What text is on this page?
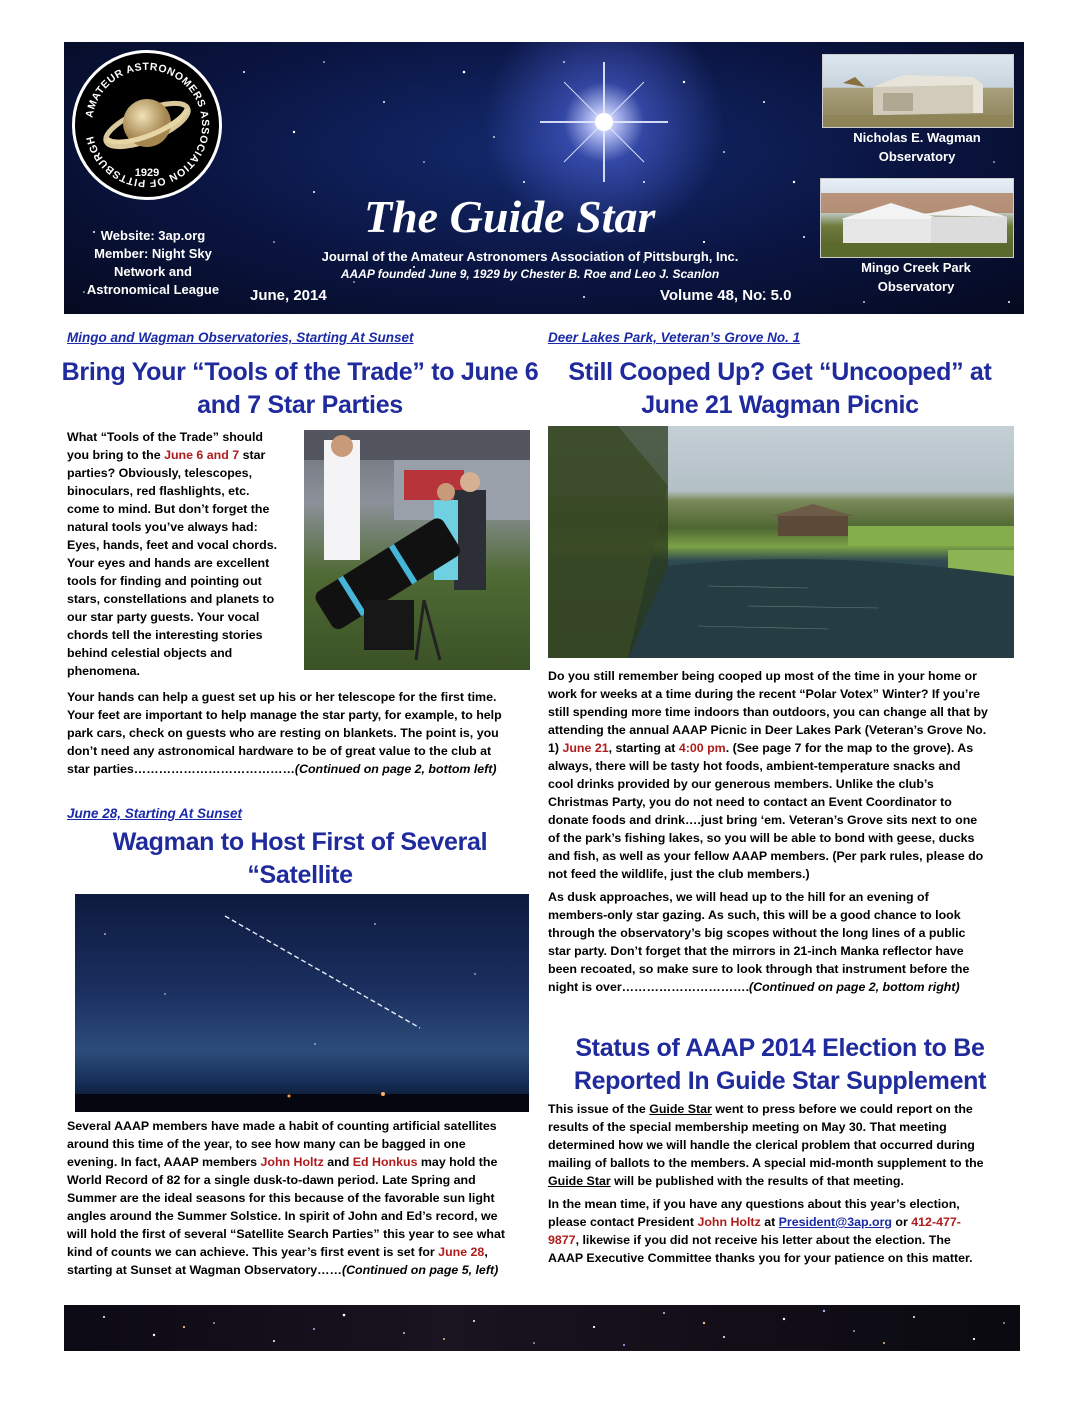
AMATEUR ASTRONOMERS ASSOCIATION OF PITTSBURGH
1929
Website: 3ap.org
Member: Night Sky
Network and
Astronomical League
The Guide Star
Journal of the Amateur Astronomers Association of Pittsburgh, Inc.
AAAP founded June 9, 1929 by Chester B. Roe and Leo J. Scanlon
June, 2014	Volume 48, No. 5.0
Nicholas E. Wagman
Observatory
Mingo Creek Park
Observatory
Mingo and Wagman Observatories, Starting At Sunset
Bring Your “Tools of the Trade” to June 6
and 7 Star Parties
What “Tools of the Trade” should
you bring to the June 6 and 7 star
parties? Obviously, telescopes,
binoculars, red flashlights, etc.
come to mind. But don’t forget the
natural tools you’ve always had:
Eyes, hands, feet and vocal chords.
Your eyes and hands are excellent
tools for finding and pointing out
stars, constellations and planets to
our star party guests. Your vocal
chords tell the interesting stories
behind celestial objects and
phenomena.
Your hands can help a guest set up his or her telescope for the first time.
Your feet are important to help manage the star party, for example, to help
park cars, check on guests who are resting on blankets. The point is, you
don’t need any astronomical hardware to be of great value to the club at
star parties…………………………………(Continued on page 2, bottom left)
June 28, Starting At Sunset
Wagman to Host First of Several “Satellite
Several AAAP members have made a habit of counting artificial satellites
around this time of the year, to see how many can be bagged in one
evening. In fact, AAAP members John Holtz and Ed Honkus may hold the
World Record of 82 for a single dusk-to-dawn period. Late Spring and
Summer are the ideal seasons for this because of the favorable sun light
angles around the Summer Solstice. In spirit of John and Ed’s record, we
will hold the first of several “Satellite Search Parties” this year to see what
kind of counts we can achieve. This year’s first event is set for June 28,
starting at Sunset at Wagman Observatory……(Continued on page 5, left)
Deer Lakes Park, Veteran’s Grove No. 1
Still Cooped Up? Get “Uncooped” at
June 21 Wagman Picnic
Do you still remember being cooped up most of the time in your home or
work for weeks at a time during the recent “Polar Votex” Winter? If you’re
still spending more time indoors than outdoors, you can change all that by
attending the annual AAAP Picnic in Deer Lakes Park (Veteran’s Grove No.
1) June 21, starting at 4:00 pm. (See page 7 for the map to the grove). As
always, there will be tasty hot foods, ambient-temperature snacks and
cool drinks provided by our generous members. Unlike the club’s
Christmas Party, you do not need to contact an Event Coordinator to
donate foods and drink….just bring ‘em. Veteran’s Grove sits next to one
of the park’s fishing lakes, so you will be able to bond with geese, ducks
and fish, as well as your fellow AAAP members. (Per park rules, please do
not feed the wildlife, just the club members.)
As dusk approaches, we will head up to the hill for an evening of
members-only star gazing. As such, this will be a good chance to look
through the observatory’s big scopes without the long lines of a public
star party. Don’t forget that the mirrors in 21-inch Manka reflector have
been recoated, so make sure to look through that instrument before the
night is over………………………….(Continued on page 2, bottom right)
Status of AAAP 2014 Election to Be
Reported In Guide Star Supplement
This issue of the Guide Star went to press before we could report on the
results of the special membership meeting on May 30. That meeting
determined how we will handle the clerical problem that occurred during
mailing of ballots to the members. A special mid-month supplement to the
Guide Star will be published with the results of that meeting.
In the mean time, if you have any questions about this year’s election,
please contact President John Holtz at President@3ap.org or 412-477-
9877, likewise if you did not receive his letter about the election. The
AAAP Executive Committee thanks you for your patience on this matter.
